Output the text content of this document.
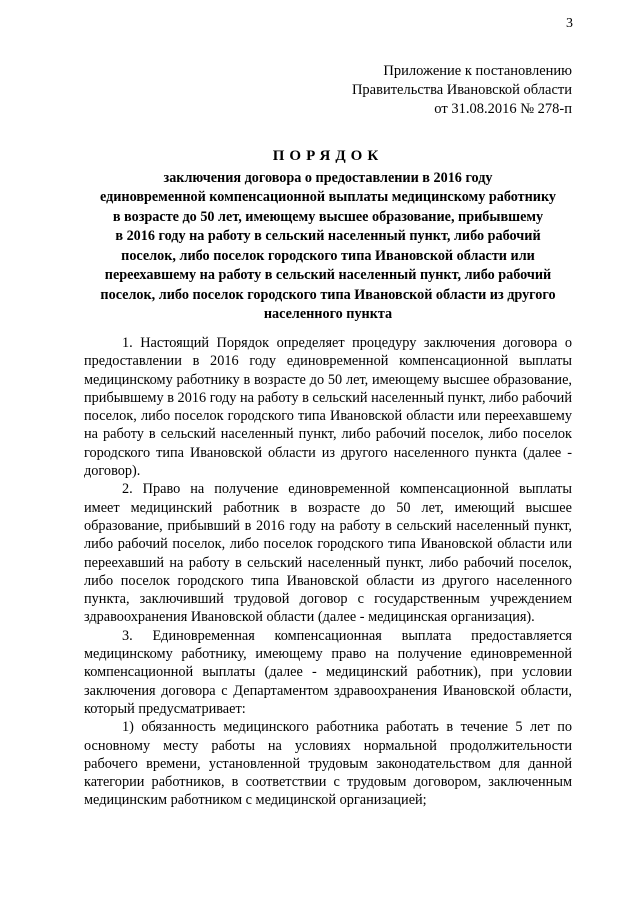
3
Приложение к постановлению
Правительства Ивановской области
от 31.08.2016 № 278-п
ПОРЯДОК
заключения договора о предоставлении в 2016 году
единовременной компенсационной выплаты медицинскому работнику
в возрасте до 50 лет, имеющему высшее образование, прибывшему
в 2016 году на работу в сельский населенный пункт, либо рабочий
поселок, либо поселок городского типа Ивановской области или
переехавшему на работу в сельский населенный пункт, либо рабочий
поселок, либо поселок городского типа Ивановской области из другого
населенного пункта

1. Настоящий Порядок определяет процедуру заключения договора о предоставлении в 2016 году единовременной компенсационной выплаты медицинскому работнику в возрасте до 50 лет, имеющему высшее образование, прибывшему в 2016 году на работу в сельский населенный пункт, либо рабочий поселок, либо поселок городского типа Ивановской области или переехавшему на работу в сельский населенный пункт, либо рабочий поселок, либо поселок городского типа Ивановской области из другого населенного пункта (далее - договор).

2. Право на получение единовременной компенсационной выплаты имеет медицинский работник в возрасте до 50 лет, имеющий высшее образование, прибывший в 2016 году на работу в сельский населенный пункт, либо рабочий поселок, либо поселок городского типа Ивановской области или переехавший на работу в сельский населенный пункт, либо рабочий поселок, либо поселок городского типа Ивановской области из другого населенного пункта, заключивший трудовой договор с государственным учреждением здравоохранения Ивановской области (далее - медицинская организация).

3. Единовременная компенсационная выплата предоставляется медицинскому работнику, имеющему право на получение единовременной компенсационной выплаты (далее - медицинский работник), при условии заключения договора с Департаментом здравоохранения Ивановской области, который предусматривает:

1) обязанность медицинского работника работать в течение 5 лет по основному месту работы на условиях нормальной продолжительности рабочего времени, установленной трудовым законодательством для данной категории работников, в соответствии с трудовым договором, заключенным медицинским работником с медицинской организацией;
